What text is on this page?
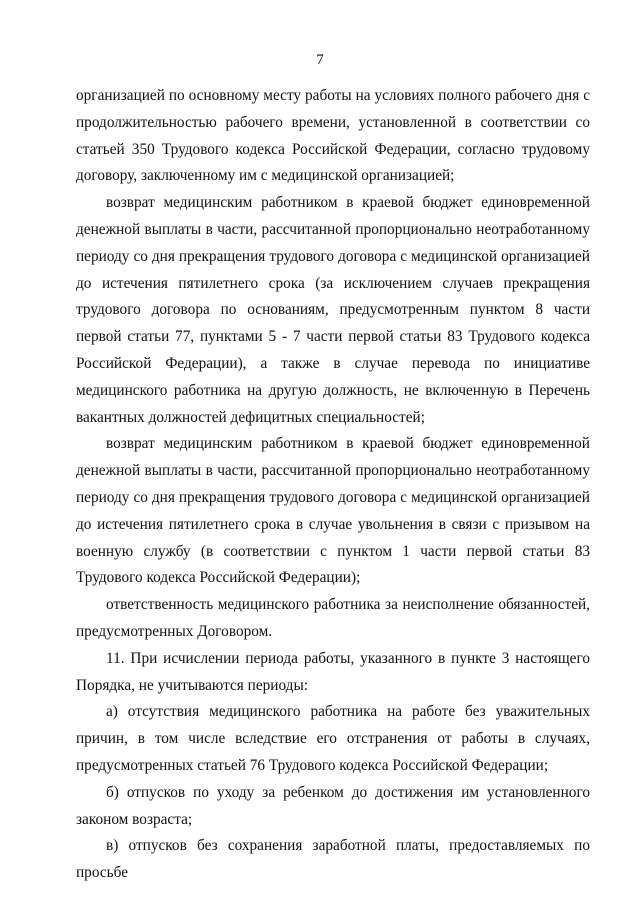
7

организацией по основному месту работы на условиях полного рабочего дня с продолжительностью рабочего времени, установленной в соответствии со статьей 350 Трудового кодекса Российской Федерации, согласно трудовому договору, заключенному им с медицинской организацией;

возврат медицинским работником в краевой бюджет единовременной денежной выплаты в части, рассчитанной пропорционально неотработанному периоду со дня прекращения трудового договора с медицинской организацией до истечения пятилетнего срока (за исключением случаев прекращения трудового договора по основаниям, предусмотренным пунктом 8 части первой статьи 77, пунктами 5 - 7 части первой статьи 83 Трудового кодекса Российской Федерации), а также в случае перевода по инициативе медицинского работника на другую должность, не включенную в Перечень вакантных должностей дефицитных специальностей;

возврат медицинским работником в краевой бюджет единовременной денежной выплаты в части, рассчитанной пропорционально неотработанному периоду со дня прекращения трудового договора с медицинской организацией до истечения пятилетнего срока в случае увольнения в связи с призывом на военную службу (в соответствии с пунктом 1 части первой статьи 83 Трудового кодекса Российской Федерации);

ответственность медицинского работника за неисполнение обязанностей, предусмотренных Договором.

11. При исчислении периода работы, указанного в пункте 3 настоящего Порядка, не учитываются периоды:

а) отсутствия медицинского работника на работе без уважительных причин, в том числе вследствие его отстранения от работы в случаях, предусмотренных статьей 76 Трудового кодекса Российской Федерации;

б) отпусков по уходу за ребенком до достижения им установленного законом возраста;

в) отпусков без сохранения заработной платы, предоставляемых по просьбе
